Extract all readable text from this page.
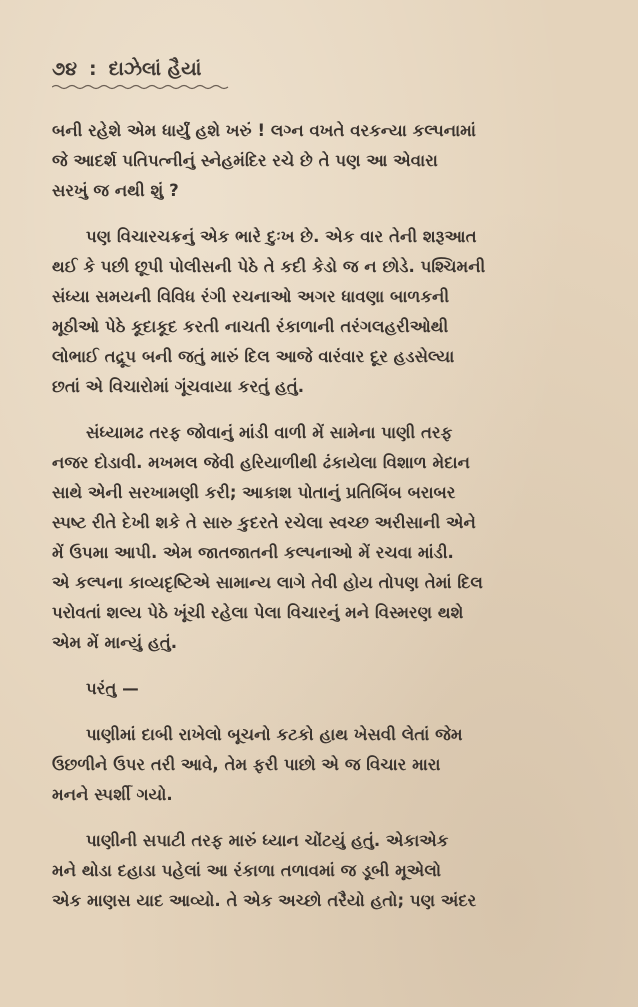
૭૪ : દાઝેલાં હૈયાં
બની રહેશે એમ ધાર્યું હશે ખરું ! લગ્ન વખતે વરકન્યા કલ્પનામાં
જે આદર્શ પતિપત્નીનું સ્નેહમંદિર રચે છે તે પણ આ એવારા
સરખું જ નથી શું ?
પણ વિચારચક્રનું એક ભારે દુઃખ છે. એક વાર તેની શરૂઆત
થઈ કે પછી છૂપી પોલીસની પેઠે તે કદી કેડો જ ન છોડે. પશ્ચિમની
સંધ્યા સમયની વિવિધ રંગી રચનાઓ અગર ધાવણા બાળકની
મૂઠીઓ પેઠે કૂદાકૂદ કરતી નાચતી રંકાળાની તરંગલહરીઓથી
લોભાઈ તદ્રૂપ બની જતું મારું દિલ આજે વારંવાર દૂર હડસેલ્યા
છતાં એ વિચારોમાં ગૂંચવાયા કરતું હતું.
સંધ્યામઢ તરફ જોવાનું માંડી વાળી મેં સામેના પાણી તરફ
નજર દોડાવી. મખમલ જેવી હરિયાળીથી ઢંકાયેલા વિશાળ મેદાન
સાથે એની સરખામણી કરી; આકાશ પોતાનું પ્રતિબિંબ બરાબર
સ્પષ્ટ રીતે દેખી શકે તે સારુ કુદરતે રચેલા સ્વચ્છ અરીસાની એને
મેં ઉપમા આપી. એમ જાતજાતની કલ્પનાઓ મેં રચવા માંડી.
એ કલ્પના કાવ્યદૃષ્ટિએ સામાન્ય લાગે તેવી હોય તોપણ તેમાં દિલ
પરોવતાં શલ્ય પેઠે ખૂંચી રહેલા પેલા વિચારનું મને વિસ્મરણ થશે
એમ મેં માન્યું હતું.
પરંતુ —
પાણીમાં દાબી રાખેલો બૂચનો કટકો હાથ ખેસવી લેતાં જેમ
ઉછળીને ઉપર તરી આવે, તેમ ફરી પાછો એ જ વિચાર મારા
મનને સ્પર્શી ગયો.
પાણીની સપાટી તરફ મારું ધ્યાન ચોંટયું હતું. એકાએક
મને થોડા દહાડા પહેલાં આ રંકાળા તળાવમાં જ ડૂબી મૂએલો
એક માણસ યાદ આવ્યો. તે એક અચ્છો તરૈયો હતો; પણ અંદર
